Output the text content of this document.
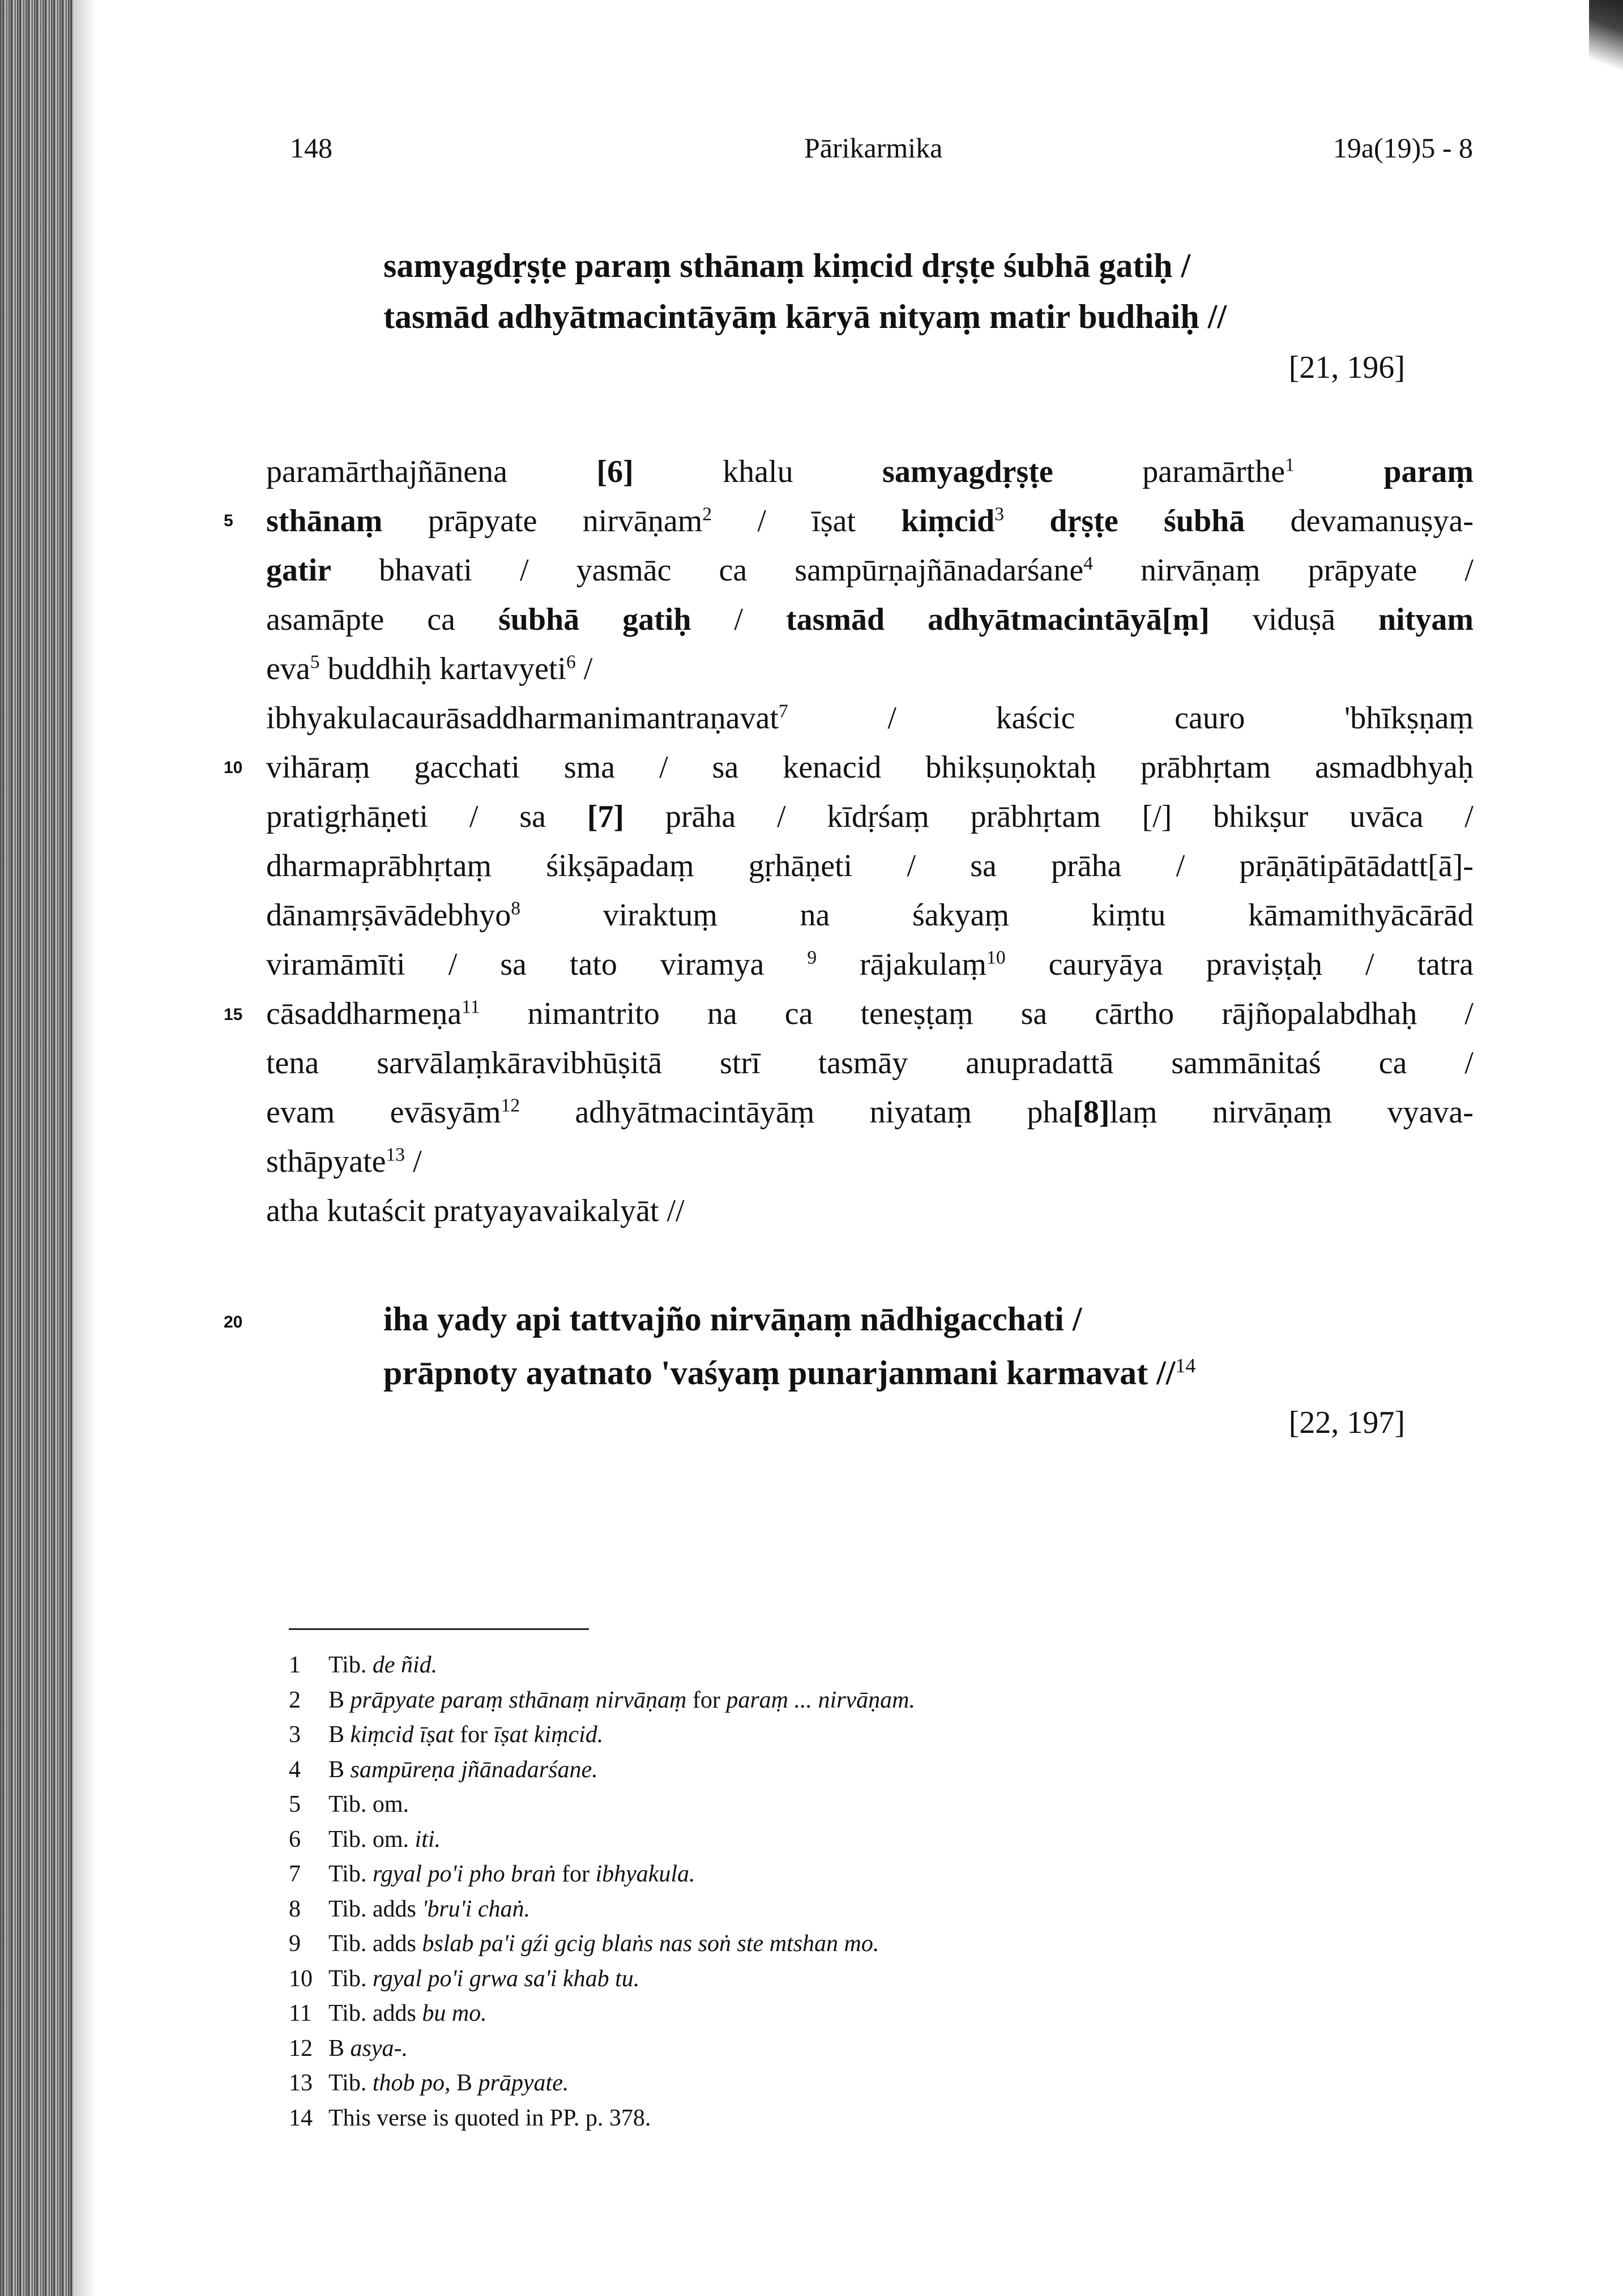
148	Pārikarmika	19a(19)5 - 8
samyagdṛṣṭe paraṃ sthānaṃ kiṃcid dṛṣṭe śubhā gatiḥ /
tasmād adhyātmacintāyāṃ kāryā nityaṃ matir budhaiḥ //
[21, 196]
paramārthajñānena [6] khalu samyagdṛṣṭe paramārthe$^1$	paraṃ
sthānaṃ prāpyate nirvāṇam$^2$ / īṣat kiṃcid$^3$ dṛṣṭe śubhā devamanuṣya-
gatir bhavati / yasmāc ca sampūrṇajñānadarśane$^4$ nirvāṇaṃ prāpyate /
asamāpte ca śubhā gatiḥ / tasmād adhyātmacintāyā[ṃ] viduṣā nityam
eva$^5$ buddhiḥ kartavyeti$^6$ /
ibhyakulacaurāsaddharmanimantraṇavat$^7$ / kaścic cauro 'bhīkṣṇaṃ
vihāraṃ gacchati sma / sa kenacid bhikṣuṇoktaḥ prābhṛtam asmadbhyaḥ
pratigṛhāṇeti / sa [7] prāha / kīdṛśaṃ prābhṛtam [/] bhikṣur uvāca /
dharmaprābhṛtaṃ śikṣāpadaṃ gṛhāṇeti / sa prāha / prāṇātipātādatt[ā]-
dānamṛṣāvādebhyo$^8$ viraktuṃ na śakyaṃ kiṃtu kāmamithyācārād
viramāmīti / sa tato viramya $^9$ rājakulaṃ$^{10}$ cauryāya praviṣṭaḥ / tatra
cāsaddharmeṇa$^{11}$ nimantrito na ca teneṣṭaṃ sa cārtho rājñopalabdhaḥ /
tena sarvālaṃkāravibhūṣitā strī tasmāy anupradattā sammānitaś ca /
evam evāsyām$^{12}$ adhyātmacintāyāṃ niyataṃ pha[8]laṃ nirvāṇaṃ vyava-
sthāpyate$^{13}$ /
atha kutaścit pratyayavaikalyāt //
5
10
15
20	iha yady api tattvajño nirvāṇaṃ nādhigacchati /
prāpnoty ayatnato 'vaśyaṃ punarjanmani karmavat //$^{14}$
[22, 197]
1 Tib. de ñid.
2 B prāpyate paraṃ sthānaṃ nirvāṇaṃ for paraṃ ... nirvāṇam.
3 B kiṃcid īṣat for īṣat kiṃcid.
4 B sampūreṇa jñānadarśane.
5 Tib. om.
6 Tib. om. iti.
7 Tib. rgyal po'i pho braṅ for ibhyakula.
8 Tib. adds 'bru'i chaṅ.
9 Tib. adds bslab pa'i gźi gcig blaṅs nas soṅ ste mtshan mo.
10 Tib. rgyal po'i grwa sa'i khab tu.
11 Tib. adds bu mo.
12 B asya-.
13 Tib. thob po, B prāpyate.
14 This verse is quoted in PP. p. 378.
